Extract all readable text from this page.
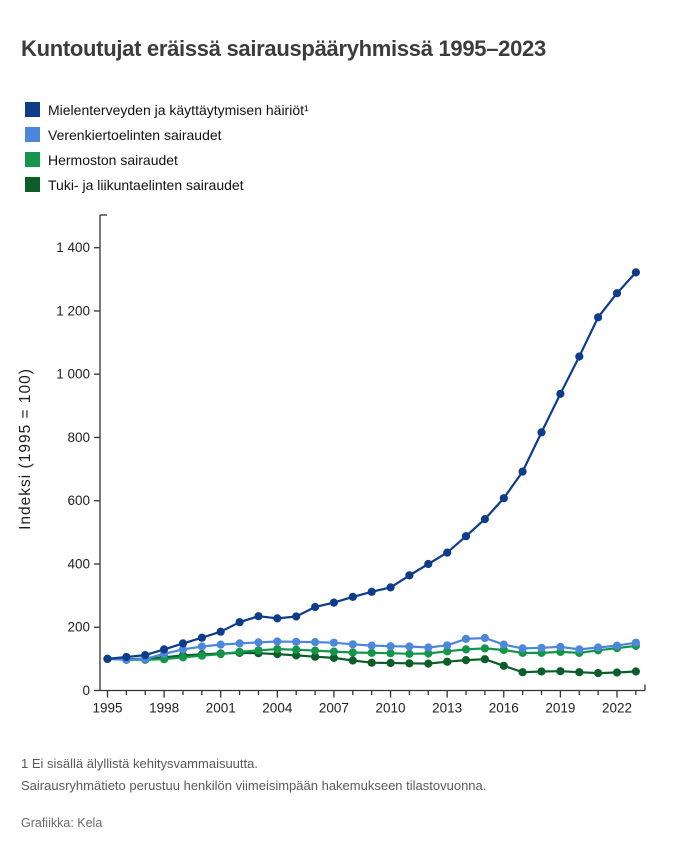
Kuntoutujat eräissä sairauspääryhmissä 1995–2023
Mielenterveyden ja käyttäytymisen häiriöt¹
Verenkiertoelinten sairaudet
Hermoston sairaudet
Tuki- ja liikuntaelinten sairaudet
0
200
400
600
800
1 000
1 200
1 400
1995 1998 2001 2004 2007 2010 2013 2016 2019 2022
Indeksi (1995 = 100)
1 Ei sisällä älyllistä kehitysvammaisuutta.
Sairausryhmätieto perustuu henkilön viimeisimpään hakemukseen tilastovuonna.
Grafiikka: Kela
